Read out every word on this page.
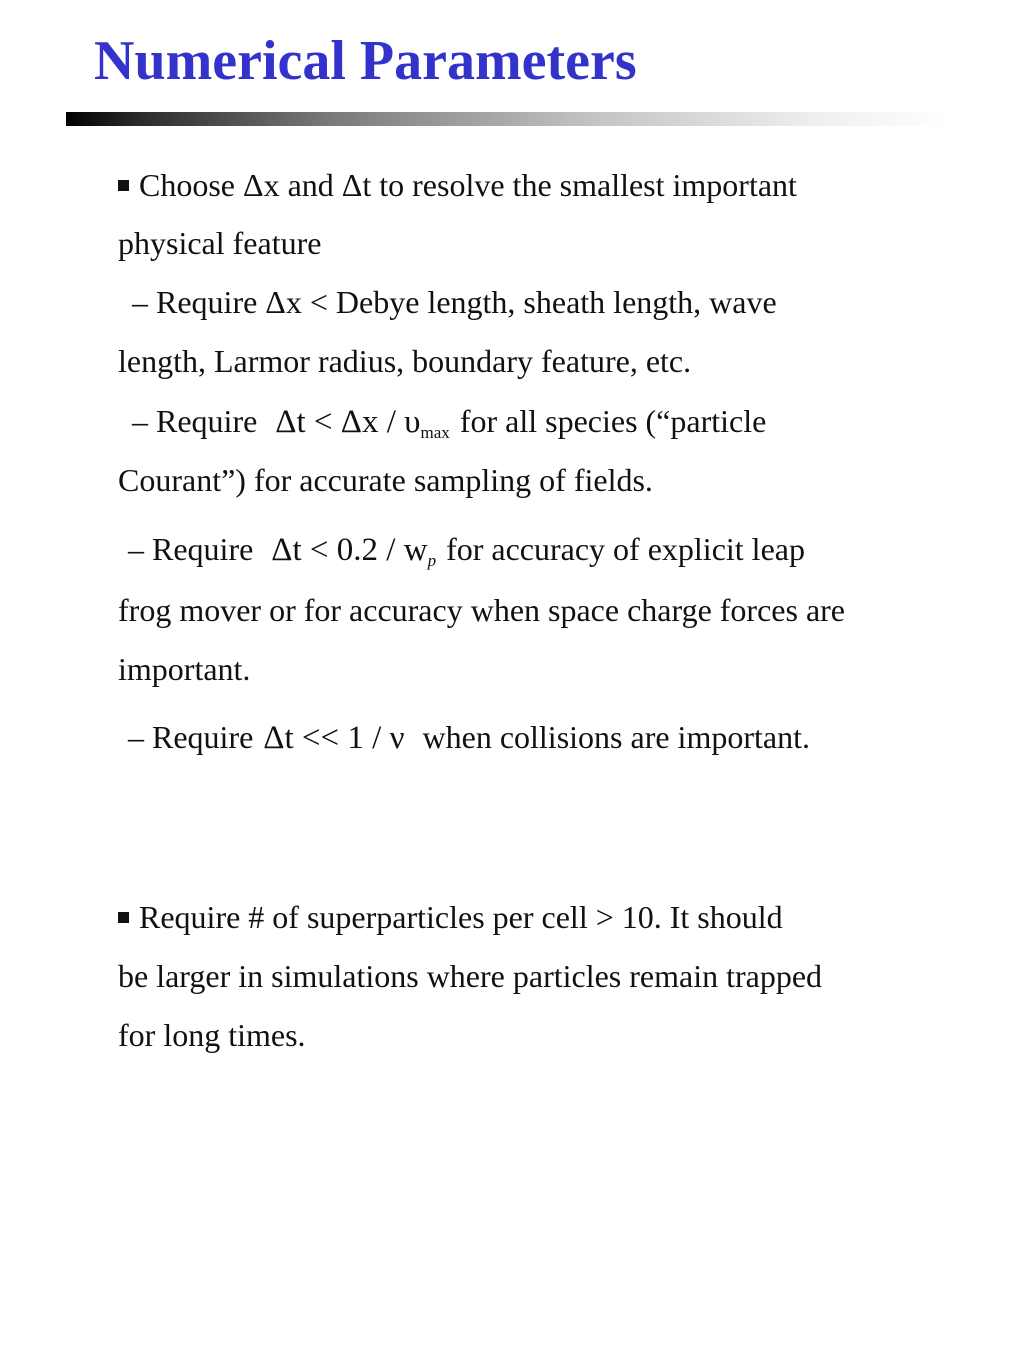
Numerical Parameters
Choose Δx and Δt to resolve the smallest important
physical feature
– Require Δx < Debye length, sheath length, wave
length, Larmor radius, boundary feature, etc.
– Require $\Delta t < \Delta x / \upsilon_{max}$ for all species (“particle
Courant”) for accurate sampling of fields.
– Require $\Delta t < 0.2 / w_p$ for accuracy of explicit leap
frog mover or for accuracy when space charge forces are
important.
– Require Δt << 1 / ν when collisions are important.
Require # of superparticles per cell > 10. It should
be larger in simulations where particles remain trapped
for long times.
